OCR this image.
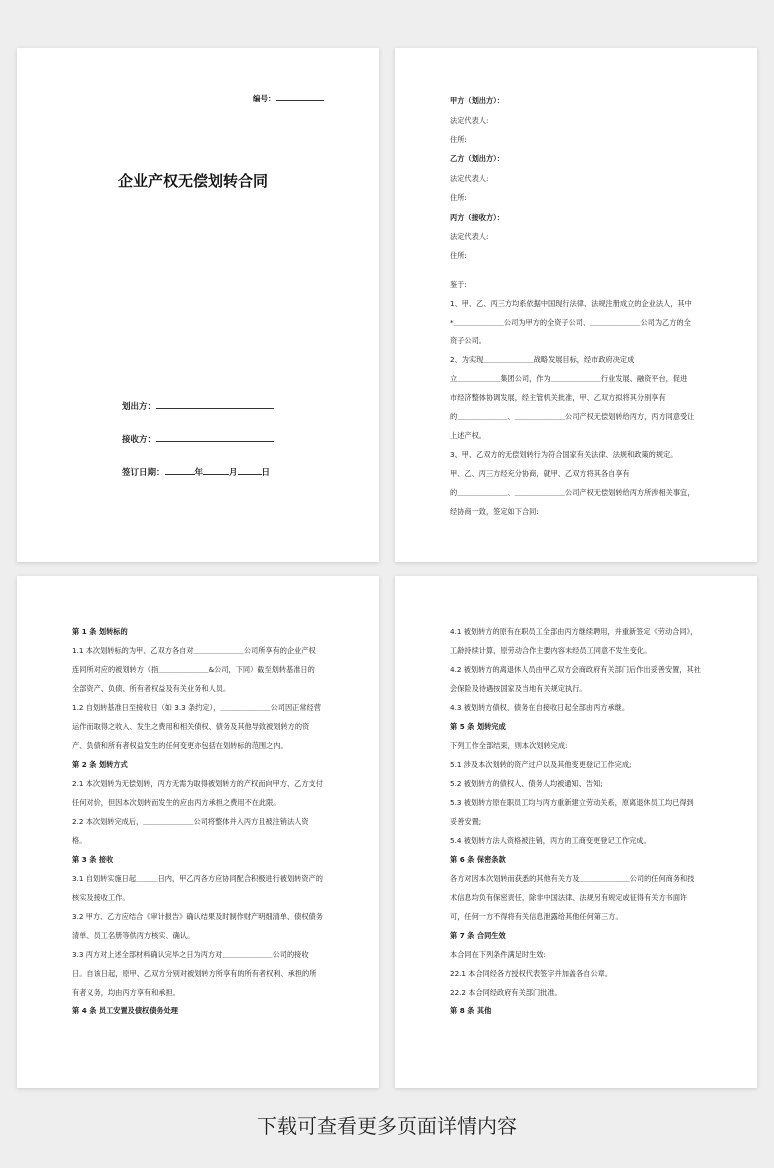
编号：
企业产权无偿划转合同
划出方：
接收方：
签订日期：	年	月	日
甲方（划出方）：
法定代表人:
住所:
乙方（划出方）：
法定代表人:
住所:
丙方（接收方）：
法定代表人:
住所:
鉴于:
1、甲、乙、丙三方均系依据中国现行法律、法规注册成立的企业法人，其中
*＿＿＿＿＿＿＿公司为甲方的全资子公司、＿＿＿＿＿＿＿公司为乙方的全
资子公司。
2、为实现＿＿＿＿＿＿＿战略发展目标，经市政府决定成
立＿＿＿＿＿＿集团公司，作为＿＿＿＿＿＿＿行业发展、融资平台，促进
市经济整体协调发展，经主管机关批准，甲、乙双方拟将其分别享有
的＿＿＿＿＿＿＿、＿＿＿＿＿＿＿公司产权无偿划转给丙方，丙方同意受让
上述产权。
3、甲、乙双方的无偿划转行为符合国家有关法律、法规和政策的规定。
甲、乙、丙三方经充分协商，就甲、乙双方将其各自享有
的＿＿＿＿＿＿＿、＿＿＿＿＿＿＿公司产权无偿划转给丙方所涉相关事宜，
经协商一致，签定如下合同:
第 1 条 划转标的
1.1 本次划转标的为甲、乙双方各自对＿＿＿＿＿＿＿公司所享有的企业产权
连同所对应的被划转方（指＿＿＿＿＿＿＿&公司，下同）截至划转基准日的
全部资产、负债、所有者权益及有关业务和人员。
1.2 自划转基准日至接收日（如 3.3 条约定），＿＿＿＿＿＿＿公司因正常经营
运作而取得之收入、发生之费用和相关债权、债务及其他导致被划转方的资
产、负债和所有者权益发生的任何变更亦包括在划转标的范围之内。
第 2 条 划转方式
2.1 本次划转为无偿划转，丙方无需为取得被划转方的产权而向甲方、乙方支付
任何对价，但因本次划转而发生的应由丙方承担之费用不在此限。
2.2 本次划转完成后，＿＿＿＿＿＿＿公司将整体并入丙方且被注销法人资
格。
第 3 条 接收
3.1 自划转实施日起＿＿＿日内，甲乙丙各方应协同配合积极进行被划转资产的
核实及接收工作。
3.2 甲方、乙方应结合《审计报告》确认结果及时制作财产明细清单、债权债务
清单、员工名册等供丙方核实、确认。
3.3 丙方对上述全部材料确认完毕之日为丙方对＿＿＿＿＿＿＿公司的接收
日。自该日起，原甲、乙双方分别对被划转方所享有的所有者权利、承担的所
有者义务，均由丙方享有和承担。
第 4 条 员工安置及债权债务处理
4.1 被划转方的原有在职员工全部由丙方继续聘用，并重新签定《劳动合同》，
工龄持续计算，原劳动合作主要内容未经员工同意不发生变化。
4.2 被划转方的离退休人员由甲乙双方会商政府有关部门后作出妥善安置，其社
会保险及待遇按国家及当地有关规定执行。
4.3 被划转方债权、债务在自接收日起全部由丙方承继。
第 5 条 划转完成
下列工作全部结束，则本次划转完成:
5.1 涉及本次划转的资产过户以及其他变更登记工作完成;
5.2 被划转方的债权人、债务人均被通知、告知;
5.3 被划转方原在职员工均与丙方重新建立劳动关系，原离退休员工均已得到
妥善安置;
5.4 被划转方法人资格被注销，丙方的工商变更登记工作完成。
第 6 条 保密条款
各方对因本次划转而获悉的其他有关方及＿＿＿＿＿＿＿公司的任何商务和技
术信息均负有保密责任，除非中国法律、法规另有规定或征得有关方书面许
可，任何一方不得将有关信息泄露给其他任何第三方。
第 7 条 合同生效
本合同在下列条件满足时生效:
22.1 本合同经各方授权代表签字并加盖各自公章。
22.2 本合同经政府有关部门批准。
第 8 条 其他
下载可查看更多页面详情内容
